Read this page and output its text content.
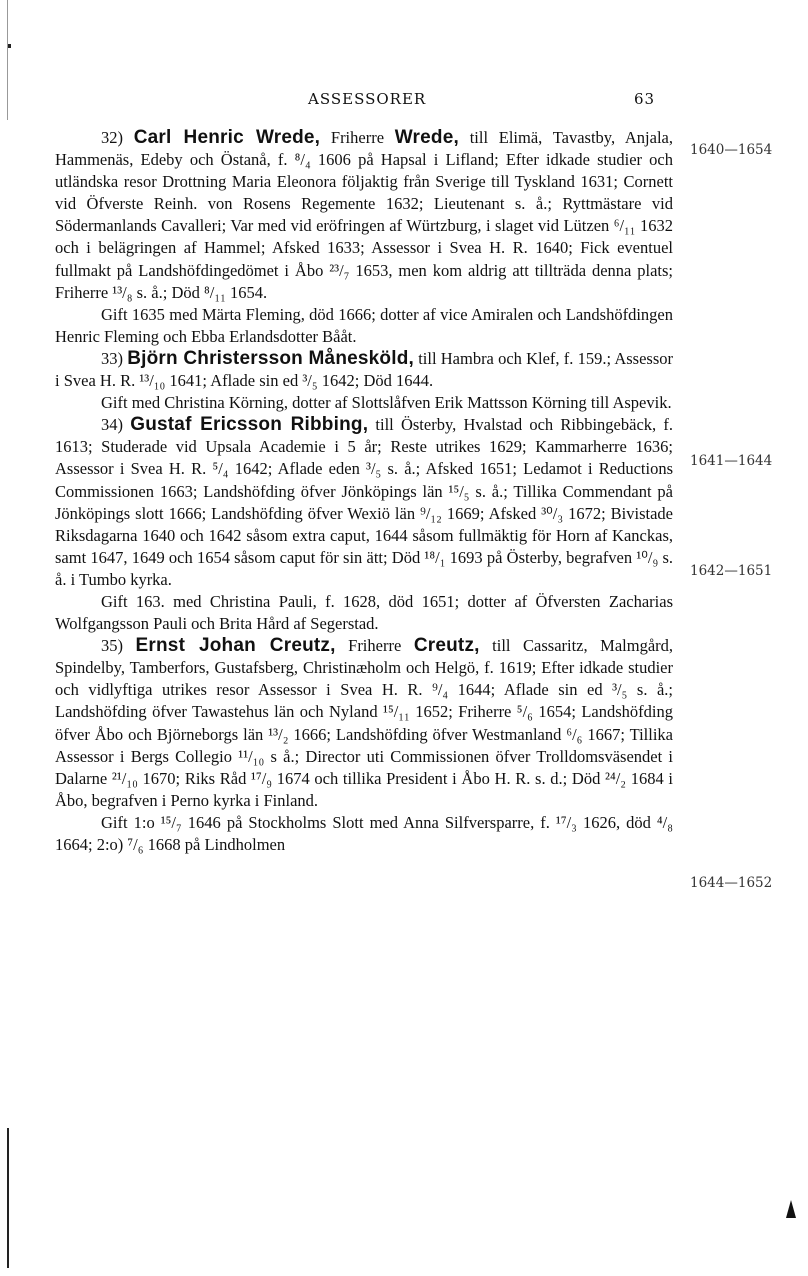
ASSESSORER	63

32) Carl Henric Wrede, Friherre Wrede, till Elimä, Tavastby, Anjala, Hammenäs, Edeby och Östanå, f. ⁸/₄ 1606 på Hapsal i Lifland; Efter idkade studier och utländska resor Drottning Maria Eleonora följaktig från Sverige till Tyskland 1631; Cornett vid Öfverste Reinh. von Rosens Regemente 1632; Lieutenant s. å.; Ryttmästare vid Södermanlands Cavalleri; Var med vid eröfringen af Würtzburg, i slaget vid Lützen ⁶/₁₁ 1632 och i belägringen af Hammel; Afsked 1633; Assessor i Svea H. R. 1640; Fick eventuel fullmakt på Landshöfdingedömet i Åbo ²³/₇ 1653, men kom aldrig att tillträda denna plats; Friherre ¹³/₈ s. å.; Död ⁸/₁₁ 1654.
Gift 1635 med Märta Fleming, död 1666; dotter af vice Amiralen och Landshöfdingen Henric Fleming och Ebba Erlandsdotter Bååt.

33) Björn Christersson Månesköld, till Hambra och Klef, f. 159.; Assessor i Svea H. R. ¹³/₁₀ 1641; Aflade sin ed ³/₅ 1642; Död 1644.
Gift med Christina Körning, dotter af Slottslåfven Erik Mattsson Körning till Aspevik.

34) Gustaf Ericsson Ribbing, till Österby, Hvalstad och Ribbingebäck, f. 1613; Studerade vid Upsala Academie i 5 år; Reste utrikes 1629; Kammarherre 1636; Assessor i Svea H. R. ⁵/₄ 1642; Aflade eden ³/₅ s. å.; Afsked 1651; Ledamot i Reductions Commissionen 1663; Landshöfding öfver Jönköpings län ¹⁵/₅ s. å.; Tillika Commendant på Jönköpings slott 1666; Landshöfding öfver Wexiö län ⁹/₁₂ 1669; Afsked ³⁰/₃ 1672; Bivistade Riksdagarna 1640 och 1642 såsom extra caput, 1644 såsom fullmäktig för Horn af Kanckas, samt 1647, 1649 och 1654 såsom caput för sin ätt; Död ¹⁸/₁ 1693 på Österby, begrafven ¹⁰/₉ s. å. i Tumbo kyrka.
Gift 163. med Christina Pauli, f. 1628, död 1651; dotter af Öfversten Zacharias Wolfgangsson Pauli och Brita Hård af Segerstad.

35) Ernst Johan Creutz, Friherre Creutz, till Cassaritz, Malmgård, Spindelby, Tamberfors, Gustafsberg, Christinæholm och Helgö, f. 1619; Efter idkade studier och vidlyftiga utrikes resor Assessor i Svea H. R. ⁹/₄ 1644; Aflade sin ed ³/₅ s. å.; Landshöfding öfver Tawastehus län och Nyland ¹⁵/₁₁ 1652; Friherre ⁵/₆ 1654; Landshöfding öfver Åbo och Björneborgs län ¹³/₂ 1666; Landshöfding öfver Westmanland ⁶/₆ 1667; Tillika Assessor i Bergs Collegio ¹¹/₁₀ s å.; Director uti Commissionen öfver Trolldomsväsendet i Dalarne ²¹/₁₀ 1670; Riks Råd ¹⁷/₉ 1674 och tillika President i Åbo H. R. s. d.; Död ²⁴/₂ 1684 i Åbo, begrafven i Perno kyrka i Finland.
Gift 1:o ¹⁵/₇ 1646 på Stockholms Slott med Anna Silfversparre, f. ¹⁷/₃ 1626, död ⁴/₈ 1664; 2:o) ⁷/₆ 1668 på Lindholmen

1640—1654
1641—1644
1642—1651
1644—1652
